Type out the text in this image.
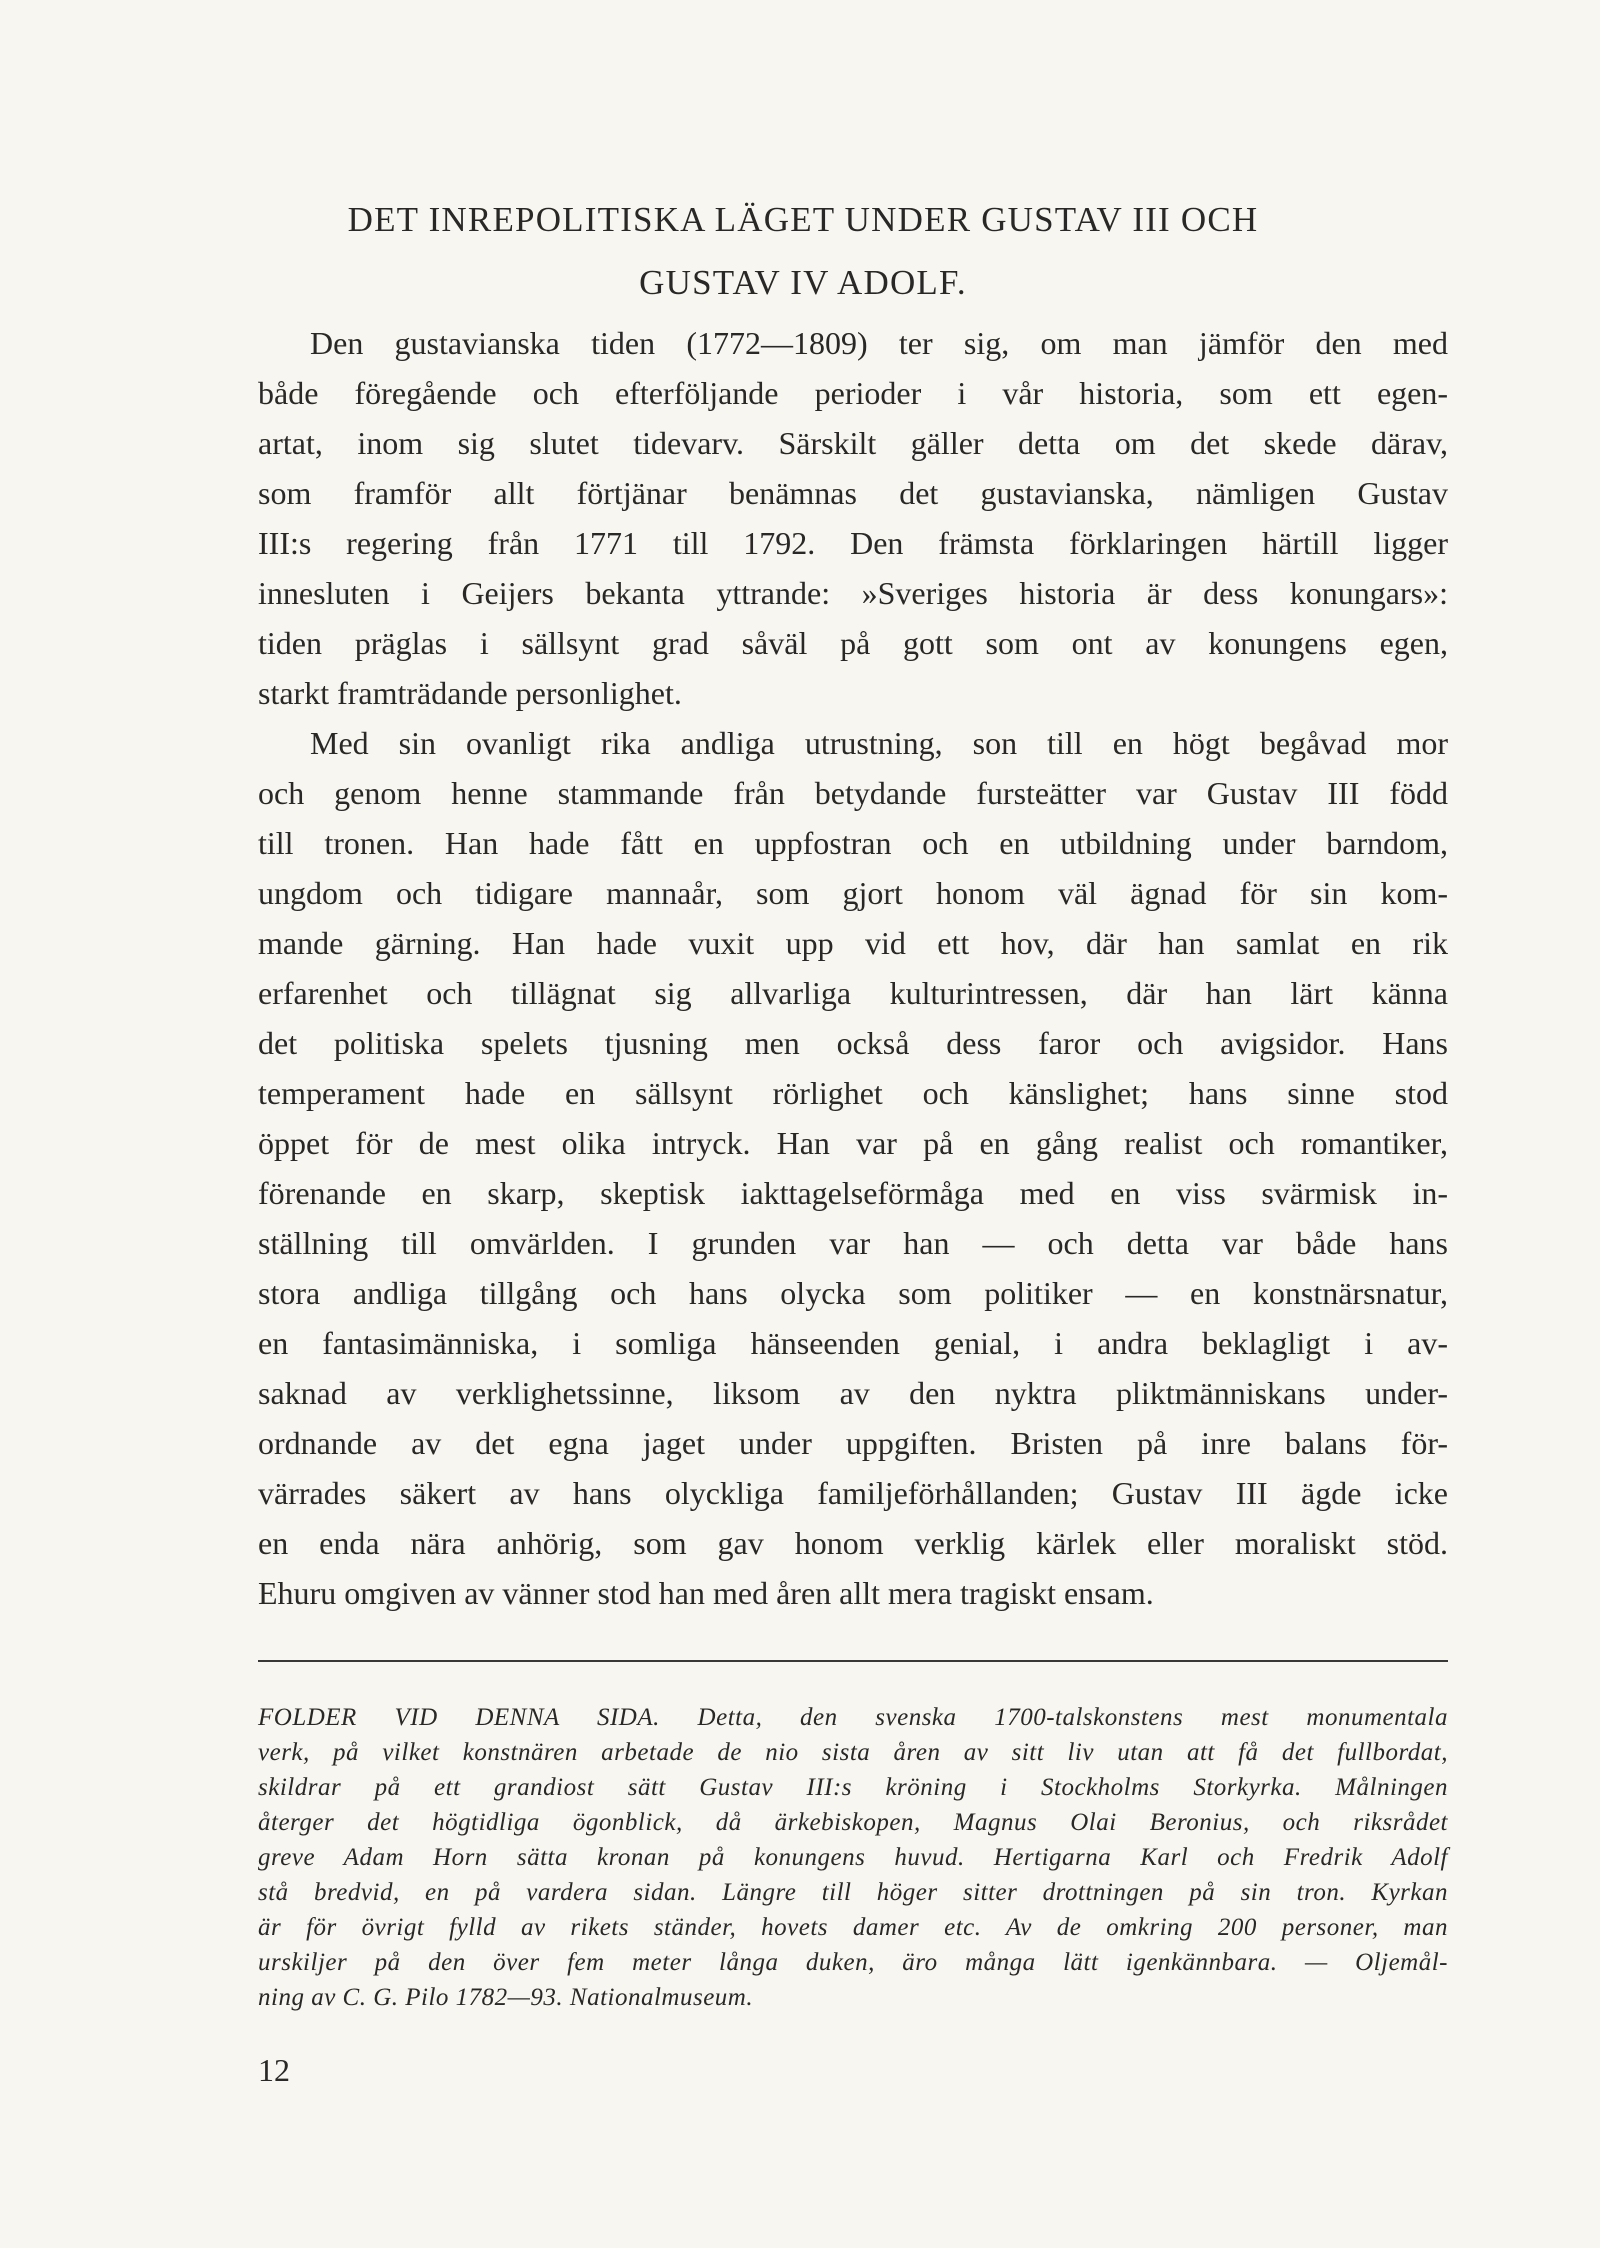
DET INREPOLITISKA LÄGET UNDER GUSTAV III OCH
GUSTAV IV ADOLF.
Den gustavianska tiden (1772—1809) ter sig, om man jämför den med
både föregående och efterföljande perioder i vår historia, som ett egen-
artat, inom sig slutet tidevarv. Särskilt gäller detta om det skede därav,
som framför allt förtjänar benämnas det gustavianska, nämligen Gustav
III:s regering från 1771 till 1792. Den främsta förklaringen härtill ligger
innesluten i Geijers bekanta yttrande: »Sveriges historia är dess konungars»:
tiden präglas i sällsynt grad såväl på gott som ont av konungens egen,
starkt framträdande personlighet.
Med sin ovanligt rika andliga utrustning, son till en högt begåvad mor
och genom henne stammande från betydande fursteätter var Gustav III född
till tronen. Han hade fått en uppfostran och en utbildning under barndom,
ungdom och tidigare mannaår, som gjort honom väl ägnad för sin kom-
mande gärning. Han hade vuxit upp vid ett hov, där han samlat en rik
erfarenhet och tillägnat sig allvarliga kulturintressen, där han lärt känna
det politiska spelets tjusning men också dess faror och avigsidor. Hans
temperament hade en sällsynt rörlighet och känslighet; hans sinne stod
öppet för de mest olika intryck. Han var på en gång realist och romantiker,
förenande en skarp, skeptisk iakttagelseförmåga med en viss svärmisk in-
ställning till omvärlden. I grunden var han — och detta var både hans
stora andliga tillgång och hans olycka som politiker — en konstnärsnatur,
en fantasimänniska, i somliga hänseenden genial, i andra beklagligt i av-
saknad av verklighetssinne, liksom av den nyktra pliktmänniskans under-
ordnande av det egna jaget under uppgiften. Bristen på inre balans för-
värrades säkert av hans olyckliga familjeförhållanden; Gustav III ägde icke
en enda nära anhörig, som gav honom verklig kärlek eller moraliskt stöd.
Ehuru omgiven av vänner stod han med åren allt mera tragiskt ensam.
FOLDER VID DENNA SIDA. Detta, den svenska 1700-talskonstens mest monumentala
verk, på vilket konstnären arbetade de nio sista åren av sitt liv utan att få det fullbordat,
skildrar på ett grandiost sätt Gustav III:s kröning i Stockholms Storkyrka. Målningen
återger det högtidliga ögonblick, då ärkebiskopen, Magnus Olai Beronius, och riksrådet
greve Adam Horn sätta kronan på konungens huvud. Hertigarna Karl och Fredrik Adolf
stå bredvid, en på vardera sidan. Längre till höger sitter drottningen på sin tron. Kyrkan
är för övrigt fylld av rikets ständer, hovets damer etc. Av de omkring 200 personer, man
urskiljer på den över fem meter långa duken, äro många lätt igenkännbara. — Oljemål-
ning av C. G. Pilo 1782—93. Nationalmuseum.
12
